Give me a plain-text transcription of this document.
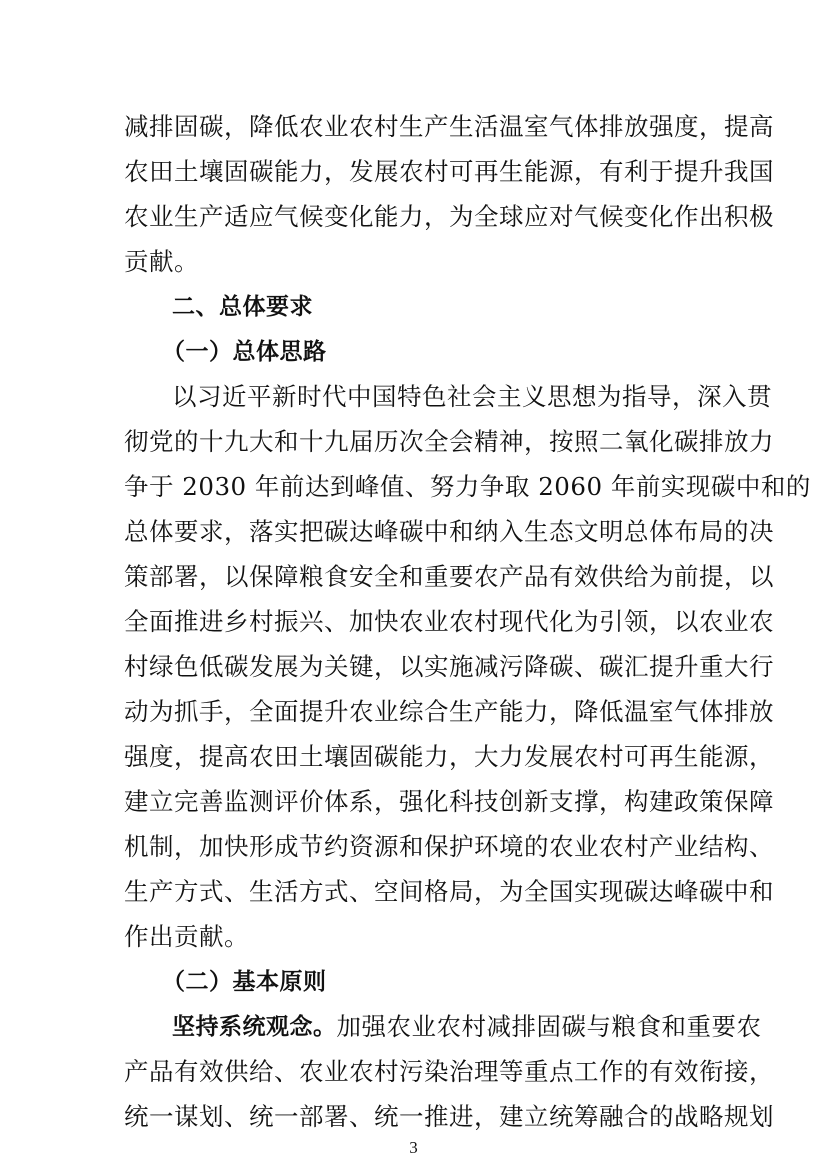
减排固碳，降低农业农村生产生活温室气体排放强度，提高
农田土壤固碳能力，发展农村可再生能源，有利于提升我国
农业生产适应气候变化能力，为全球应对气候变化作出积极
贡献。
二、总体要求
（一）总体思路
以习近平新时代中国特色社会主义思想为指导，深入贯
彻党的十九大和十九届历次全会精神，按照二氧化碳排放力
争于 2030 年前达到峰值、努力争取 2060 年前实现碳中和的
总体要求，落实把碳达峰碳中和纳入生态文明总体布局的决
策部署，以保障粮食安全和重要农产品有效供给为前提，以
全面推进乡村振兴、加快农业农村现代化为引领，以农业农
村绿色低碳发展为关键，以实施减污降碳、碳汇提升重大行
动为抓手，全面提升农业综合生产能力，降低温室气体排放
强度，提高农田土壤固碳能力，大力发展农村可再生能源，
建立完善监测评价体系，强化科技创新支撑，构建政策保障
机制，加快形成节约资源和保护环境的农业农村产业结构、
生产方式、生活方式、空间格局，为全国实现碳达峰碳中和
作出贡献。
（二）基本原则
坚持系统观念。 加强农业农村减排固碳与粮食和重要农
3
产品有效供给、农业农村污染治理等重点工作的有效衔接，
统一谋划、统一部署、统一推进，建立统筹融合的战略规划
